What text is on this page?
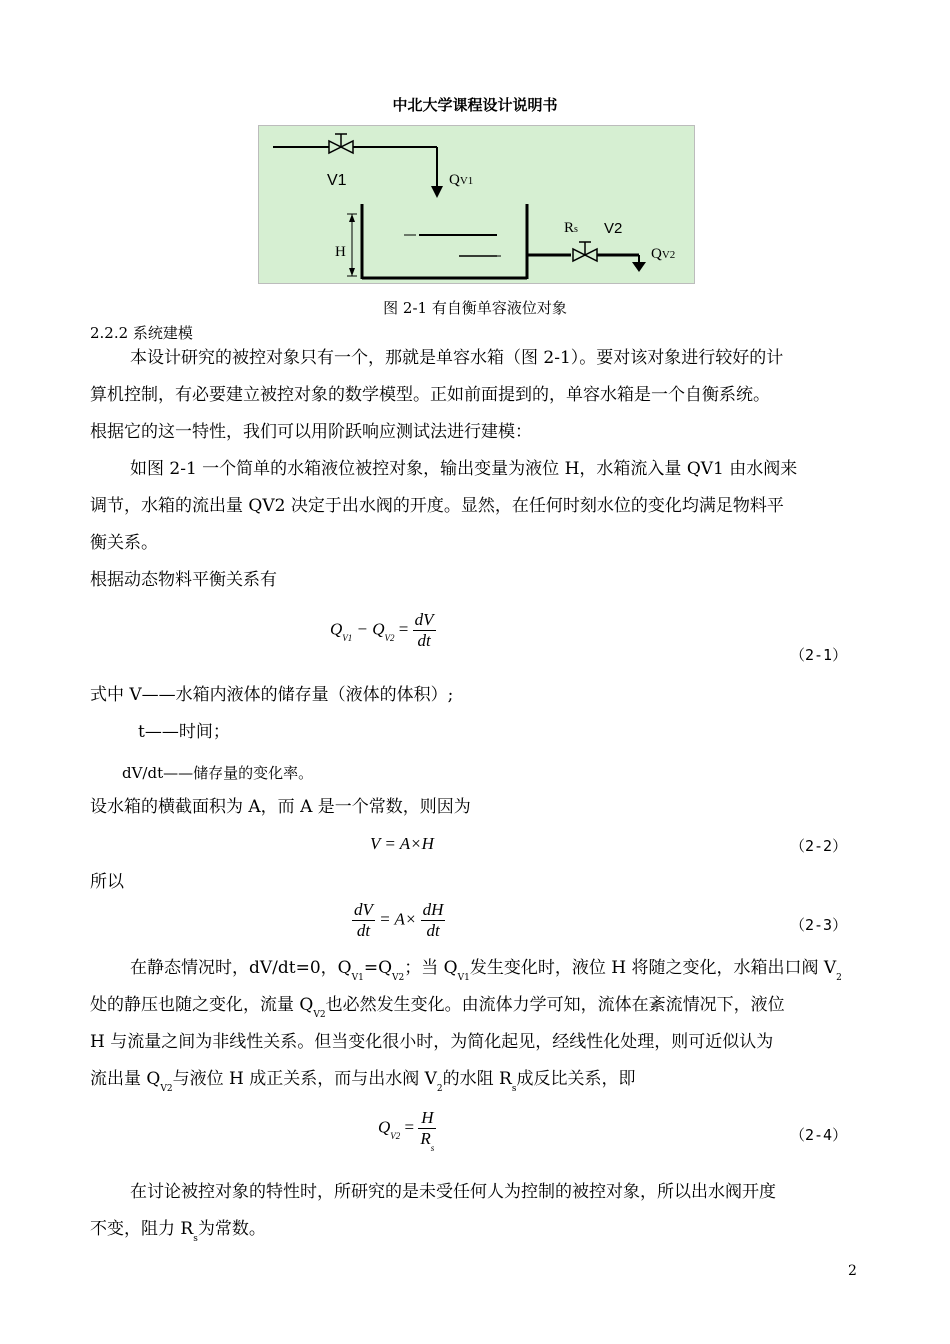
中北大学课程设计说明书
V1	QV1
H
Rs V2
QV2
图 2-1 有自衡单容液位对象
2.2.2 系统建模
本设计研究的被控对象只有一个，那就是单容水箱（图 2-1）。要对该对象进行较好的计
算机控制，有必要建立被控对象的数学模型。正如前面提到的，单容水箱是一个自衡系统。
根据它的这一特性，我们可以用阶跃响应测试法进行建模：
如图 2-1 一个简单的水箱液位被控对象，输出变量为液位 H，水箱流入量 QV1 由水阀来
调节，水箱的流出量 QV2 决定于出水阀的开度。显然，在任何时刻水位的变化均满足物料平
衡关系。
根据动态物料平衡关系有
$Q_{V1} - Q_{V2} = \frac{dV}{dt}$
（2-1）
式中 V——水箱内液体的储存量（液体的体积）;
t——时间；
dV/dt——储存量的变化率。
设水箱的横截面积为 A，而 A 是一个常数，则因为
V = A×H	（2-2）
所以
$\frac{dV}{dt} = A\times \frac{dH}{dt}$	（2-3）
在静态情况时，dV/dt=0，$Q_{V1}=Q_{V2}$；当 $Q_{V1}$发生变化时，液位 H 将随之变化，水箱出口阀 $V_2$
处的静压也随之变化，流量 $Q_{V2}$也必然发生变化。由流体力学可知，流体在紊流情况下，液位
H 与流量之间为非线性关系。但当变化很小时，为简化起见，经线性化处理，则可近似认为
流出量 $Q_{V2}$与液位 H 成正关系，而与出水阀 $V_2$的水阻 $R_s$成反比关系，即
$Q_{V2} = \frac{H}{R_s}$	（2-4）
在讨论被控对象的特性时，所研究的是未受任何人为控制的被控对象，所以出水阀开度
不变，阻力 $R_s$为常数。
2
